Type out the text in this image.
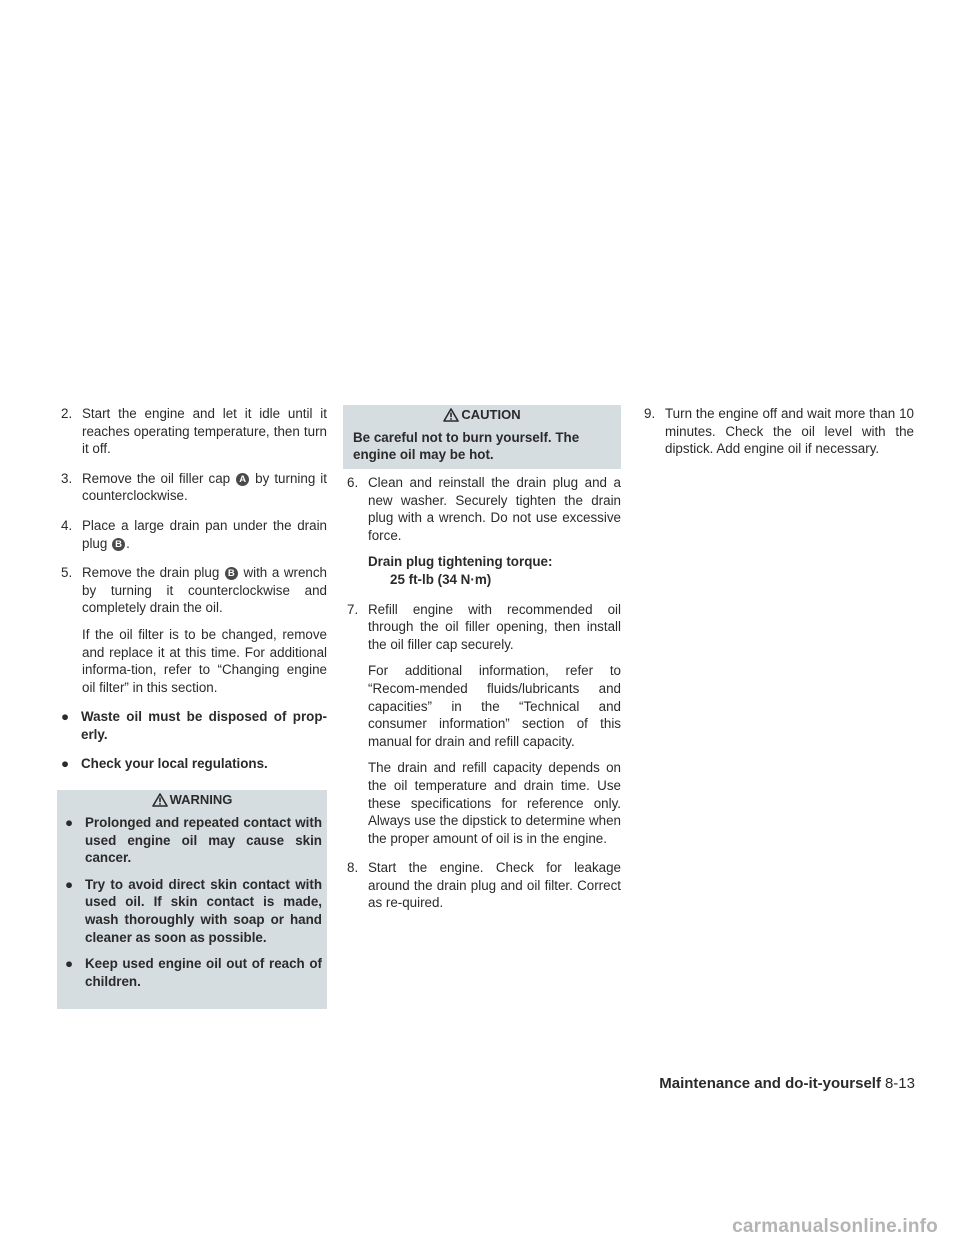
2. Start the engine and let it idle until it reaches operating temperature, then turn it off.

3. Remove the oil filler cap A by turning it counterclockwise.

4. Place a large drain pan under the drain plug B .

5. Remove the drain plug B with a wrench by turning it counterclockwise and completely drain the oil.

If the oil filter is to be changed, remove and replace it at this time. For additional informa-tion, refer to “Changing engine oil filter” in this section.

● Waste oil must be disposed of prop-erly.
● Check your local regulations.
WARNING
● Prolonged and repeated contact with used engine oil may cause skin cancer.
● Try to avoid direct skin contact with used oil. If skin contact is made, wash thoroughly with soap or hand cleaner as soon as possible.
● Keep used engine oil out of reach of children.
CAUTION
Be careful not to burn yourself. The engine oil may be hot.
6. Clean and reinstall the drain plug and a new washer. Securely tighten the drain plug with a wrench. Do not use excessive force.

Drain plug tightening torque:
25 ft-lb (34 N·m)
7. Refill engine with recommended oil through the oil filler opening, then install the oil filler cap securely.

For additional information, refer to “Recom-mended fluids/lubricants and capacities” in the “Technical and consumer information” section of this manual for drain and refill capacity.

The drain and refill capacity depends on the oil temperature and drain time. Use these specifications for reference only. Always use the dipstick to determine when the proper amount of oil is in the engine.

8. Start the engine. Check for leakage around the drain plug and oil filter. Correct as re-quired.

9. Turn the engine off and wait more than 10 minutes. Check the oil level with the dipstick. Add engine oil if necessary.

Maintenance and do-it-yourself 8-13
carmanualsonline.info
